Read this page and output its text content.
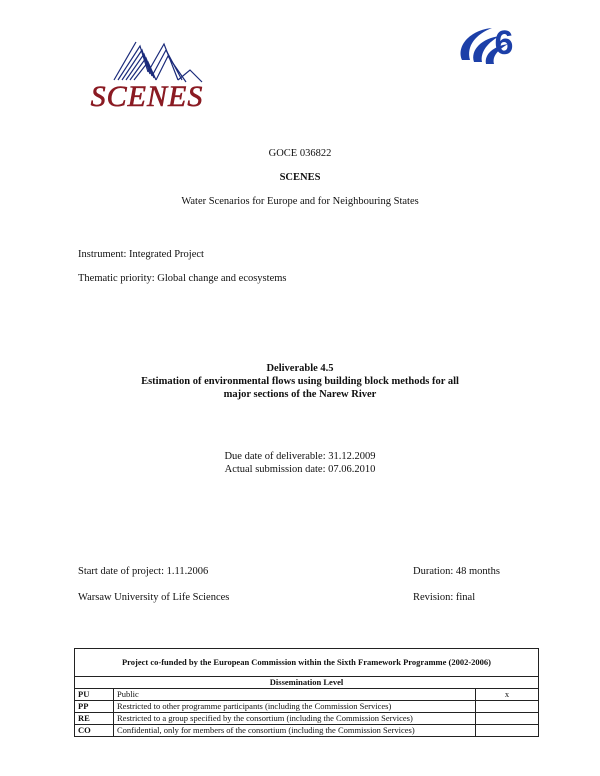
SCENES
6
GOCE 036822
SCENES
Water Scenarios for Europe and for Neighbouring States
Instrument: Integrated Project
Thematic priority: Global change and ecosystems
Deliverable 4.5
Estimation of environmental flows using building block methods for all
major sections of the Narew River
Due date of deliverable: 31.12.2009
Actual submission date: 07.06.2010
Start date of project: 1.11.2006	Duration: 48 months
Warsaw University of Life Sciences	Revision: final
Project co-funded by the European Commission within the Sixth Framework Programme (2002-2006)		
Dissemination Level		
PU	Public	x
PP	Restricted to other programme participants (including the Commission Services)	
RE	Restricted to a group specified by the consortium (including the Commission Services)	
CO	Confidential, only for members of the consortium (including the Commission Services)	
